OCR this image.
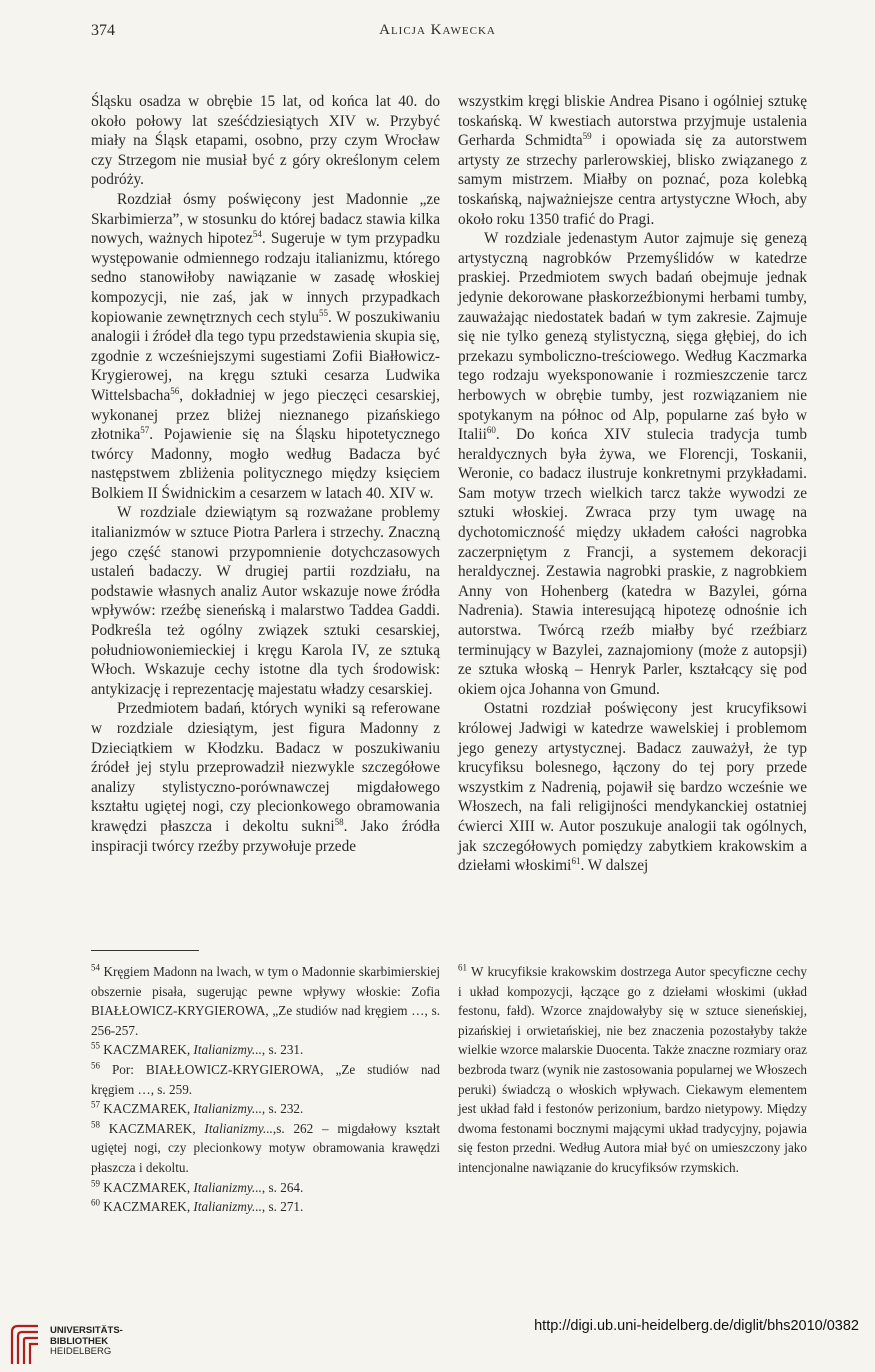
374	Alicja Kawecka

Śląsku osadza w obrębie 15 lat, od końca lat 40. do około połowy lat sześćdziesiątych XIV w. Przybyć miały na Śląsk etapami, osobno, przy czym Wrocław czy Strzegom nie musiał być z góry określonym celem podróży.

Rozdział ósmy poświęcony jest Madonnie „ze Skarbimierza”, w stosunku do której badacz stawia kilka nowych, ważnych hipotez$^{54}$. Sugeruje w tym przypadku występowanie odmiennego rodzaju italianizmu, którego sedno stanowiłoby nawiązanie w zasadę włoskiej kompozycji, nie zaś, jak w innych przypadkach kopiowanie zewnętrznych cech stylu$^{55}$. W poszukiwaniu analogii i źródeł dla tego typu przedstawienia skupia się, zgodnie z wcześniejszymi sugestiami Zofii Białłowicz-Krygierowej, na kręgu sztuki cesarza Ludwika Wittelsbacha$^{56}$, dokładniej w jego pieczęci cesarskiej, wykonanej przez bliżej nieznanego pizańskiego złotnika$^{57}$. Pojawienie się na Śląsku hipotetycznego twórcy Madonny, mogło według Badacza być następstwem zbliżenia politycznego między księciem Bolkiem II Świdnickim a cesarzem w latach 40. XIV w.

W rozdziale dziewiątym są rozważane problemy italianizmów w sztuce Piotra Parlera i strzechy. Znaczną jego część stanowi przypomnienie dotychczasowych ustaleń badaczy. W drugiej partii rozdziału, na podstawie własnych analiz Autor wskazuje nowe źródła wpływów: rzeźbę sieneńską i malarstwo Taddea Gaddi. Podkreśla też ogólny związek sztuki cesarskiej, południowoniemieckiej i kręgu Karola IV, ze sztuką Włoch. Wskazuje cechy istotne dla tych środowisk: antykizację i reprezentację majestatu władzy cesarskiej.

Przedmiotem badań, których wyniki są referowane w rozdziale dziesiątym, jest figura Madonny z Dzieciątkiem w Kłodzku. Badacz w poszukiwaniu źródeł jej stylu przeprowadził niezwykle szczegółowe analizy stylistyczno-porównawczej migdałowego kształtu ugiętej nogi, czy plecionkowego obramowania krawędzi płaszcza i dekoltu sukni$^{58}$. Jako źródła inspiracji twórcy rzeźby przywołuje przede

wszystkim kręgi bliskie Andrea Pisano i ogólniej sztukę toskańską. W kwestiach autorstwa przyjmuje ustalenia Gerharda Schmidta$^{59}$ i opowiada się za autorstwem artysty ze strzechy parlerowskiej, blisko związanego z samym mistrzem. Miałby on poznać, poza kolebką toskańską, najważniejsze centra artystyczne Włoch, aby około roku 1350 trafić do Pragi.

W rozdziale jedenastym Autor zajmuje się genezą artystyczną nagrobków Przemyślidów w katedrze praskiej. Przedmiotem swych badań obejmuje jednak jedynie dekorowane płaskorzeźbionymi herbami tumby, zauważając niedostatek badań w tym zakresie. Zajmuje się nie tylko genezą stylistyczną, sięga głębiej, do ich przekazu symboliczno-treściowego. Według Kaczmarka tego rodzaju wyeksponowanie i rozmieszczenie tarcz herbowych w obrębie tumby, jest rozwiązaniem nie spotykanym na północ od Alp, popularne zaś było w Italii$^{60}$. Do końca XIV stulecia tradycja tumb heraldycznych była żywa, we Florencji, Toskanii, Weronie, co badacz ilustruje konkretnymi przykładami. Sam motyw trzech wielkich tarcz także wywodzi ze sztuki włoskiej. Zwraca przy tym uwagę na dychotomiczność między układem całości nagrobka zaczerpniętym z Francji, a systemem dekoracji heraldycznej. Zestawia nagrobki praskie, z nagrobkiem Anny von Hohenberg (katedra w Bazylei, górna Nadrenia). Stawia interesującą hipotezę odnośnie ich autorstwa. Twórcą rzeźb miałby być rzeźbiarz terminujący w Bazylei, zaznajomiony (może z autopsji) ze sztuka włoską – Henryk Parler, kształcący się pod okiem ojca Johanna von Gmund.

Ostatni rozdział poświęcony jest krucyfiksowi królowej Jadwigi w katedrze wawelskiej i problemom jego genezy artystycznej. Badacz zauważył, że typ krucyfiksu bolesnego, łączony do tej pory przede wszystkim z Nadrenią, pojawił się bardzo wcześnie we Włoszech, na fali religijności mendykanckiej ostatniej ćwierci XIII w. Autor poszukuje analogii tak ogólnych, jak szczegółowych pomiędzy zabytkiem krakowskim a dziełami włoskimi$^{61}$. W dalszej

$^{54}$ Kręgiem Madonn na lwach, w tym o Madonnie skarbimierskiej obszernie pisała, sugerując pewne wpływy włoskie: Zofia BIAŁŁOWICZ-KRYGIEROWA, „Ze studiów nad kręgiem …, s. 256-257.

$^{55}$ KACZMAREK, Italianizmy..., s. 231.

$^{56}$ Por: BIAŁŁOWICZ-KRYGIEROWA, „Ze studiów nad kręgiem …, s. 259.

$^{57}$ KACZMAREK, Italianizmy..., s. 232.

$^{58}$ KACZMAREK, Italianizmy...,s. 262 – migdałowy kształt ugiętej nogi, czy plecionkowy motyw obramowania krawędzi płaszcza i dekoltu.

$^{59}$ KACZMAREK, Italianizmy..., s. 264.

$^{60}$ KACZMAREK, Italianizmy..., s. 271.

$^{61}$ W krucyfiksie krakowskim dostrzega Autor specyficzne cechy i układ kompozycji, łączące go z dziełami włoskimi (układ festonu, fałd). Wzorce znajdowałyby się w sztuce sieneńskiej, pizańskiej i orwietańskiej, nie bez znaczenia pozostałyby także wielkie wzorce malarskie Duocenta. Także znaczne rozmiary oraz bezbroda twarz (wynik nie zastosowania popularnej we Włoszech peruki) świadczą o włoskich wpływach. Ciekawym elementem jest układ fałd i festonów perizonium, bardzo nietypowy. Między dwoma festonami bocznymi mającymi układ tradycyjny, pojawia się feston przedni. Według Autora miał być on umieszczony jako intencjonalne nawiązanie do krucyfiksów rzymskich.

UNIVERSITÄTS-
BIBLIOTHEK
HEIDELBERG
http://digi.ub.uni-heidelberg.de/diglit/bhs2010/0382
